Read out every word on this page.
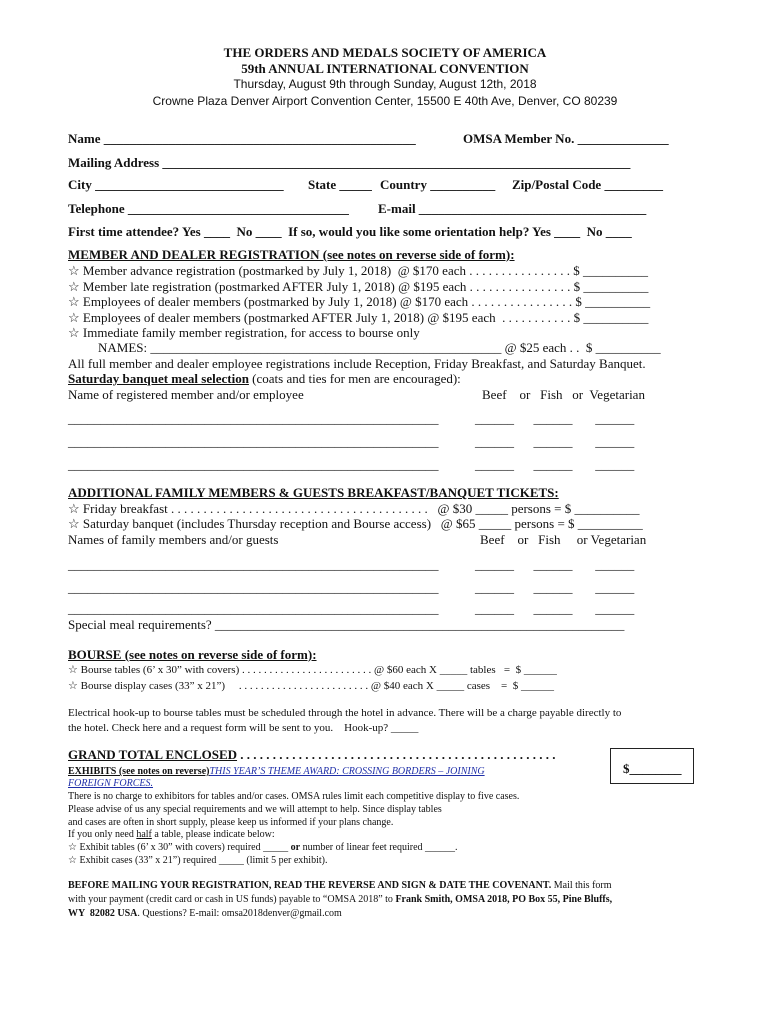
THE ORDERS AND MEDALS SOCIETY OF AMERICA
59th ANNUAL INTERNATIONAL CONVENTION
Thursday, August 9th through Sunday, August 12th, 2018
Crowne Plaza Denver Airport Convention Center, 15500 E 40th Ave, Denver, CO 80239
Name ________________________________________________	OMSA Member No. ______________
Mailing Address ________________________________________________________________________
City _____________________________ State _____ Country __________ Zip/Postal Code _________
Telephone __________________________________ E-mail ___________________________________
First time attendee? Yes ____  No ____  If so, would you like some orientation help? Yes ____  No ____
MEMBER AND DEALER REGISTRATION (see notes on reverse side of form):
☆ Member advance registration (postmarked by July 1, 2018)  @ $170 each . . . . . . . . . . . . . . . . $ __________
☆ Member late registration (postmarked AFTER July 1, 2018) @ $195 each . . . . . . . . . . . . . . . . $ __________
☆ Employees of dealer members (postmarked by July 1, 2018) @ $170 each . . . . . . . . . . . . . . . . $ __________
☆ Employees of dealer members (postmarked AFTER July 1, 2018) @ $195 each  . . . . . . . . . . . $ __________
☆ Immediate family member registration, for access to bourse only
NAMES: ______________________________________________________ @ $25 each . .  $ __________
All full member and dealer employee registrations include Reception, Friday Breakfast, and Saturday Banquet.
Saturday banquet meal selection (coats and ties for men are encouraged):
Name of registered member and/or employee	Beef    or   Fish   or  Vegetarian
_________________________________________________________	______      ______       ______
_________________________________________________________	______      ______       ______
_________________________________________________________	______      ______       ______
ADDITIONAL FAMILY MEMBERS & GUESTS BREAKFAST/BANQUET TICKETS:
☆ Friday breakfast . . . . . . . . . . . . . . . . . . . . . . . . . . . . . . . . . . . . . . . .   @ $30 _____ persons = $ __________
☆ Saturday banquet (includes Thursday reception and Bourse access)   @ $65 _____ persons = $ __________
Names of family members and/or guests	Beef    or   Fish     or Vegetarian
_________________________________________________________	______      ______       ______
_________________________________________________________	______      ______       ______
_________________________________________________________	______      ______       ______
Special meal requirements? _______________________________________________________________
BOURSE (see notes on reverse side of form):
☆ Bourse tables (6’ x 30” with covers) . . . . . . . . . . . . . . . . . . . . . . . . @ $60 each X _____ tables   =  $ ______
☆ Bourse display cases (33” x 21”)     . . . . . . . . . . . . . . . . . . . . . . . . @ $40 each X _____ cases    =  $ ______
Electrical hook-up to bourse tables must be scheduled through the hotel in advance. There will be a charge payable directly to
the hotel. Check here and a request form will be sent to you.    Hook-up? _____
GRAND TOTAL ENCLOSED . . . . . . . . . . . . . . . . . . . . . . . . . . . . . . . . . . . . . . . . . . . . . . . . .
$________
EXHIBITS (see notes on reverse)THIS YEAR’S THEME AWARD: CROSSING BORDERS – JOINING
FOREIGN FORCES.
There is no charge to exhibitors for tables and/or cases. OMSA rules limit each competitive display to five cases.
Please advise of us any special requirements and we will attempt to help. Since display tables
and cases are often in short supply, please keep us informed if your plans change.
If you only need half a table, please indicate below:
☆ Exhibit tables (6’ x 30” with covers) required _____ or number of linear feet required ______.
☆ Exhibit cases (33” x 21”) required _____ (limit 5 per exhibit).
BEFORE MAILING YOUR REGISTRATION, READ THE REVERSE AND SIGN & DATE THE COVENANT. Mail this form
with your payment (credit card or cash in US funds) payable to “OMSA 2018” to Frank Smith, OMSA 2018, PO Box 55, Pine Bluffs,
WY  82082 USA. Questions? E-mail: omsa2018denver@gmail.com
